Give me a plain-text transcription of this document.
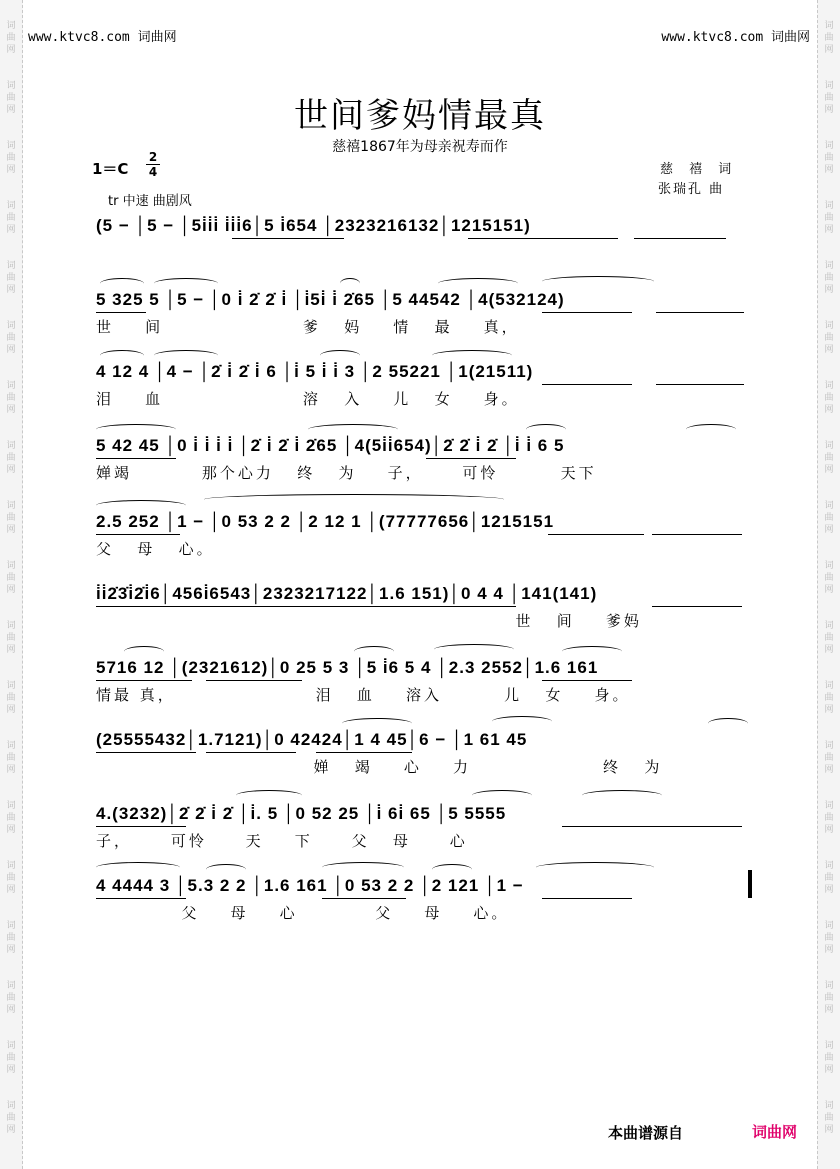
词
曲
网
词
曲
网
词
曲
网
词
曲
网
词
曲
网
词
曲
网
词
曲
网
词
曲
网
词
曲
网
词
曲
网
词
曲
网
词
曲
网
词
曲
网
词
曲
网
词
曲
网
词
曲
网
词
曲
网
词
曲
网
词
曲
网
词
曲
网
词
曲
网
词
曲
网
词
曲
网
词
曲
网
词
曲
网
词
曲
网
词
曲
网
词
曲
网
词
曲
网
词
曲
网
词
曲
网
词
曲
网
词
曲
网
词
曲
网
词
曲
网
词
曲
网
词
曲
网
词
曲
网
www.ktvc8.com 词曲网	www.ktvc8.com 词曲网
世间爹妈情最真
慈禧1867年为母亲祝寿而作
1＝C
2
4	慈 禧 词
张瑞孔 曲
tr 中速 曲剧风
(5 − │5 − │5i̇i̇i̇ i̇i̇i̇6│5 i̇654 │2323216132│1215151)
5 325 5 │5 − │0 i̇ 2̇ 2̇ i̇ │i̇5i̇ i̇ 2̇65 │5 44542 │4(532124)
世    间                  爹   妈    情   最    真，
4 12 4 │4 − │2̇ i̇ 2̇ i̇ 6 │i̇ 5 i̇ i̇ 3 │2 55221 │1(21511)
泪    血                  溶   入    儿   女    身。
5 42 45 │0 i̇ i̇ i̇ i̇ │2̇ i̇ 2̇ i̇ 2̇65 │4(5i̇i̇654)│2̇ 2̇ i̇ 2̇ │i̇ i̇ 6 5
婵竭         那个心力   终   为    子，     可怜        天下
2.5 252 │1 − │0 53 2 2 │2 12 1 │(77777656│1215151
父   母   心。
i̇i̇2̇3̇i̇2̇i̇6│456i̇6543│2323217122│1.6 151)│0 4 4 │141(141)
世   间    爹妈
5716 12 │(2321612)│0 25 5 3 │5 i̇6 5 4 │2.3 2552│1.6 161
情最 真，                  泪   血    溶入        儿   女    身。
(25555432│1.7121)│0 42424│1 4 45│6 − │1 61 45
婵   竭    心    力                 终   为
4.(3232)│2̇ 2̇ i̇ 2̇ │i̇. 5 │0 52 25 │i̇ 6i̇ 65 │5 5555
子，     可怜     天    下     父   母     心
4 4444 3 │5.3 2 2 │1.6 161 │0 53 2 2 │2 121 │1 −
父    母    心          父    母    心。
本曲谱源自	词曲网
